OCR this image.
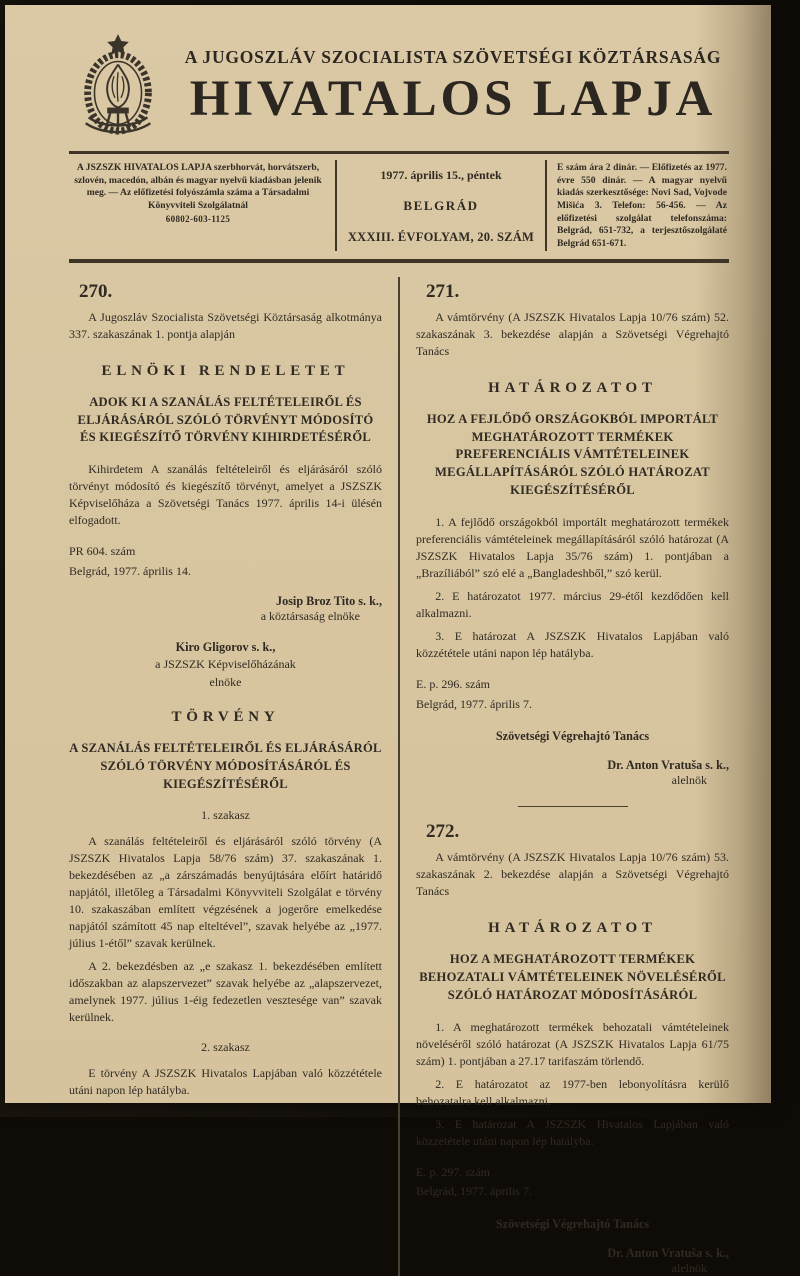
A JUGOSZLÁV SZOCIALISTA SZÖVETSÉGI KÖZTÁRSASÁG
HIVATALOS LAPJA

A JSZSZK HIVATALOS LAPJA szerbhorvát, horvátszerb, szlovén, macedón, albán és magyar nyelvű kiadásban jelenik meg. — Az előfizetési folyószámla száma a Társadalmi Könyvviteli Szolgálatnál

60802-603-1125

1977. április 15., péntek
BELGRÁD
XXXIII. ÉVFOLYAM, 20. SZÁM

E szám ára 2 dinár. — Előfizetés az 1977. évre 550 dinár. — A magyar nyelvű kiadás szerkesztősége: Novi Sad, Vojvode Mišića 3. Telefon: 56-456. — Az előfizetési szolgálat telefonszáma: Belgrád, 651-732, a terjesztőszolgálaté Belgrád 651-671.

270.

A Jugoszláv Szocialista Szövetségi Köztársaság alkotmánya 337. szakaszának 1. pontja alapján

ELNÖKI RENDELETET
ADOK KI A SZANÁLÁS FELTÉTELEIRŐL ÉS ELJÁRÁSÁRÓL SZÓLÓ TÖRVÉNYT MÓDOSÍTÓ ÉS KIEGÉSZÍTŐ TÖRVÉNY KIHIRDETÉSÉRŐL

Kihirdetem A szanálás feltételeiről és eljárásáról szóló törvényt módosító és kiegészítő törvényt, amelyet a JSZSZK Képviselőháza a Szövetségi Tanács 1977. április 14-i ülésén elfogadott.

PR 604. szám

Belgrád, 1977. április 14.

Josip Broz Tito s. k.,
a köztársaság elnöke
Kiro Gligorov s. k.,
a JSZSZK Képviselőházának
elnöke
TÖRVÉNY
A SZANÁLÁS FELTÉTELEIRŐL ÉS ELJÁRÁSÁRÓL SZÓLÓ TÖRVÉNY MÓDOSÍTÁSÁRÓL ÉS KIEGÉSZÍTÉSÉRŐL
1. szakasz

A szanálás feltételeiről és eljárásáról szóló törvény (A JSZSZK Hivatalos Lapja 58/76 szám) 37. szakaszának 1. bekezdésében az „a zárszámadás benyújtására előírt határidő napjától, illetőleg a Társadalmi Könyvviteli Szolgálat e törvény 10. szakaszában említett végzésének a jogerőre emelkedése napjától számított 45 nap elteltével”, szavak helyébe az „1977. július 1-étől” szavak kerülnek.

A 2. bekezdésben az „e szakasz 1. bekezdésében említett időszakban az alapszervezet” szavak helyébe az „alapszervezet, amelynek 1977. július 1-éig fedezetlen vesztesége van” szavak kerülnek.

2. szakasz

E törvény A JSZSZK Hivatalos Lapjában való közzététele utáni napon lép hatályba.

271.

A vámtörvény (A JSZSZK Hivatalos Lapja 10/76 szám) 52. szakaszának 3. bekezdése alapján a Szövetségi Végrehajtó Tanács

HATÁROZATOT
HOZ A FEJLŐDŐ ORSZÁGOKBÓL IMPORTÁLT MEGHATÁROZOTT TERMÉKEK PREFERENCIÁLIS VÁMTÉTELEINEK MEGÁLLAPÍTÁSÁRÓL SZÓLÓ HATÁROZAT KIEGÉSZÍTÉSÉRŐL

1. A fejlődő országokból importált meghatározott termékek preferenciális vámtételeinek megállapításáról szóló határozat (A JSZSZK Hivatalos Lapja 35/76 szám) 1. pontjában a „Brazíliából” szó elé a „Bangladeshből,” szó kerül.

2. E határozatot 1977. március 29-étől kezdődően kell alkalmazni.

3. E határozat A JSZSZK Hivatalos Lapjában való közzététele utáni napon lép hatályba.

E. p. 296. szám

Belgrád, 1977. április 7.

Szövetségi Végrehajtó Tanács
Dr. Anton Vratuša s. k.,
alelnök
272.

A vámtörvény (A JSZSZK Hivatalos Lapja 10/76 szám) 53. szakaszának 2. bekezdése alapján a Szövetségi Végrehajtó Tanács

HATÁROZATOT
HOZ A MEGHATÁROZOTT TERMÉKEK BEHOZATALI VÁMTÉTELEINEK NÖVELÉSÉRŐL SZÓLÓ HATÁROZAT MÓDOSÍTÁSÁRÓL

1. A meghatározott termékek behozatali vámtételeinek növeléséről szóló határozat (A JSZSZK Hivatalos Lapja 61/75 szám) 1. pontjában a 27.17 tarifaszám törlendő.

2. E határozatot az 1977-ben lebonyolításra kerülő behozatalra kell alkalmazni.

3. E határozat A JSZSZK Hivatalos Lapjában való közzététele utáni napon lép hatályba.

E. p. 297. szám

Belgrád, 1977. április 7.

Szövetségi Végrehajtó Tanács
Dr. Anton Vratuša s. k.,
alelnök
